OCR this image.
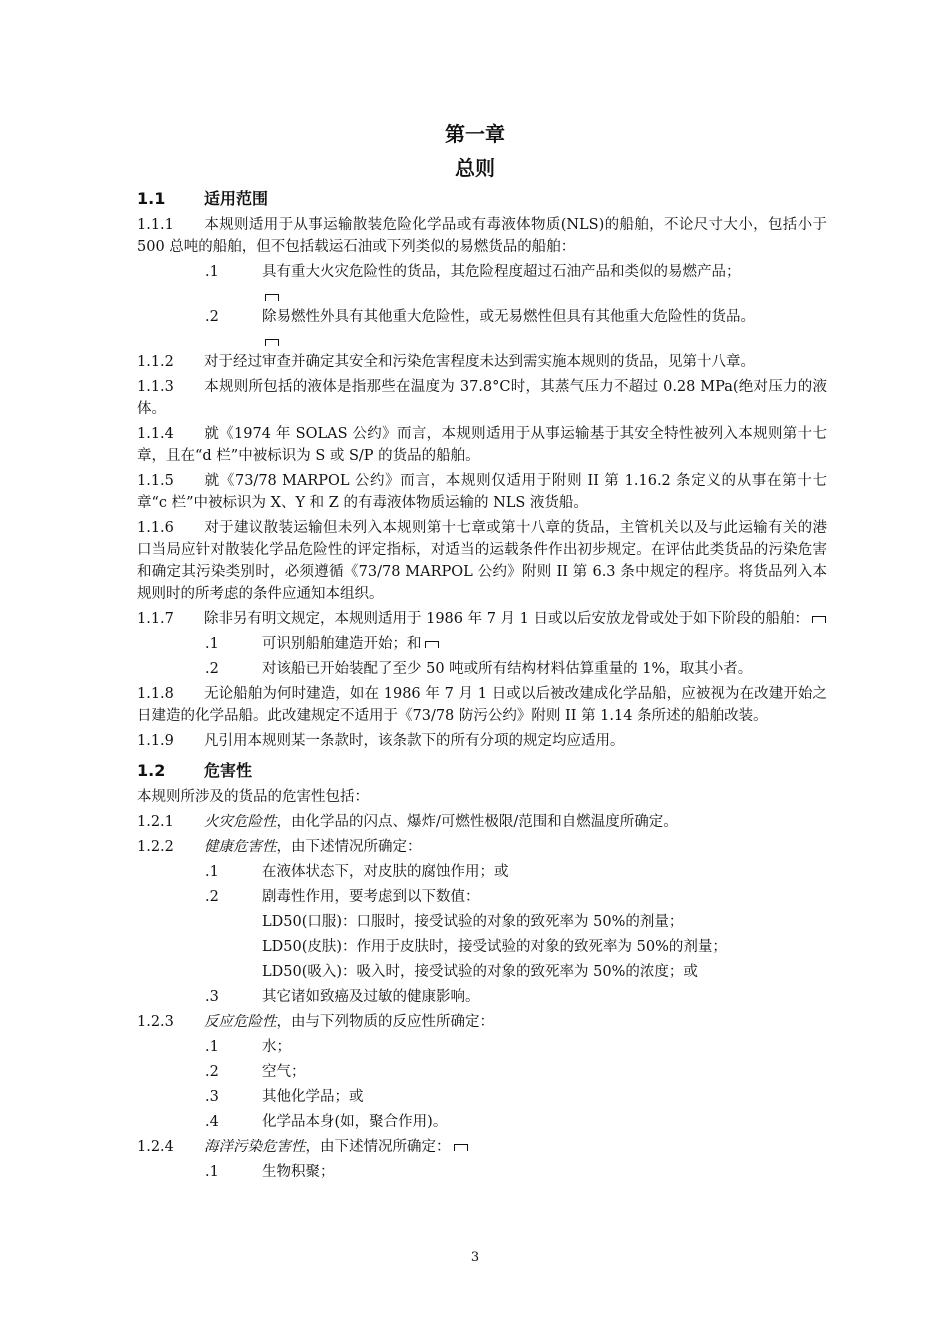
第一章
总则
1.1	适用范围

1.1.1 本规则适用于从事运输散装危险化学品或有毒液体物质(NLS)的船舶，不论尺寸大小，包括小于 500 总吨的船舶，但不包括载运石油或下列类似的易燃货品的船舶：

.1	具有重大火灾危险性的货品，其危险程度超过石油产品和类似的易燃产品；
.2	除易燃性外具有其他重大危险性，或无易燃性但具有其他重大危险性的货品。

1.1.2 对于经过审查并确定其安全和污染危害程度未达到需实施本规则的货品，见第十八章。

1.1.3 本规则所包括的液体是指那些在温度为 37.8°C时，其蒸气压力不超过 0.28 MPa(绝对压力的液体。

1.1.4 就《1974 年 SOLAS 公约》而言，本规则适用于从事运输基于其安全特性被列入本规则第十七章，且在“d 栏”中被标识为 S 或 S/P 的货品的船舶。

1.1.5 就《73/78 MARPOL 公约》而言，本规则仅适用于附则 II 第 1.16.2 条定义的从事在第十七章“c 栏”中被标识为 X、Y 和 Z 的有毒液体物质运输的 NLS 液货船。

1.1.6 对于建议散装运输但未列入本规则第十七章或第十八章的货品，主管机关以及与此运输有关的港口当局应针对散装化学品危险性的评定指标，对适当的运载条件作出初步规定。在评估此类货品的污染危害和确定其污染类别时，必须遵循《73/78 MARPOL 公约》附则 II 第 6.3 条中规定的程序。将货品列入本规则时的所考虑的条件应通知本组织。

1.1.7 除非另有明文规定，本规则适用于 1986 年 7 月 1 日或以后安放龙骨或处于如下阶段的船舶：

.1	可识别船舶建造开始；和
.2	对该船已开始装配了至少 50 吨或所有结构材料估算重量的 1%，取其小者。

1.1.8 无论船舶为何时建造，如在 1986 年 7 月 1 日或以后被改建成化学品船，应被视为在改建开始之日建造的化学品船。此改建规定不适用于《73/78 防污公约》附则 II 第 1.14 条所述的船舶改装。

1.1.9 凡引用本规则某一条款时，该条款下的所有分项的规定均应适用。

1.2	危害性

本规则所涉及的货品的危害性包括：

1.2.1 火灾危险性，由化学品的闪点、爆炸/可燃性极限/范围和自燃温度所确定。

1.2.2 健康危害性，由下述情况所确定：

.1	在液体状态下，对皮肤的腐蚀作用；或
.2	剧毒性作用，要考虑到以下数值：
LD50(口服)：口服时，接受试验的对象的致死率为 50%的剂量；
LD50(皮肤)：作用于皮肤时，接受试验的对象的致死率为 50%的剂量；
LD50(吸入)：吸入时，接受试验的对象的致死率为 50%的浓度；或
.3	其它诸如致癌及过敏的健康影响。

1.2.3 反应危险性，由与下列物质的反应性所确定：

.1	水；
.2	空气；
.3	其他化学品；或
.4	化学品本身(如，聚合作用)。

1.2.4 海洋污染危害性，由下述情况所确定：

.1	生物积聚；
3
